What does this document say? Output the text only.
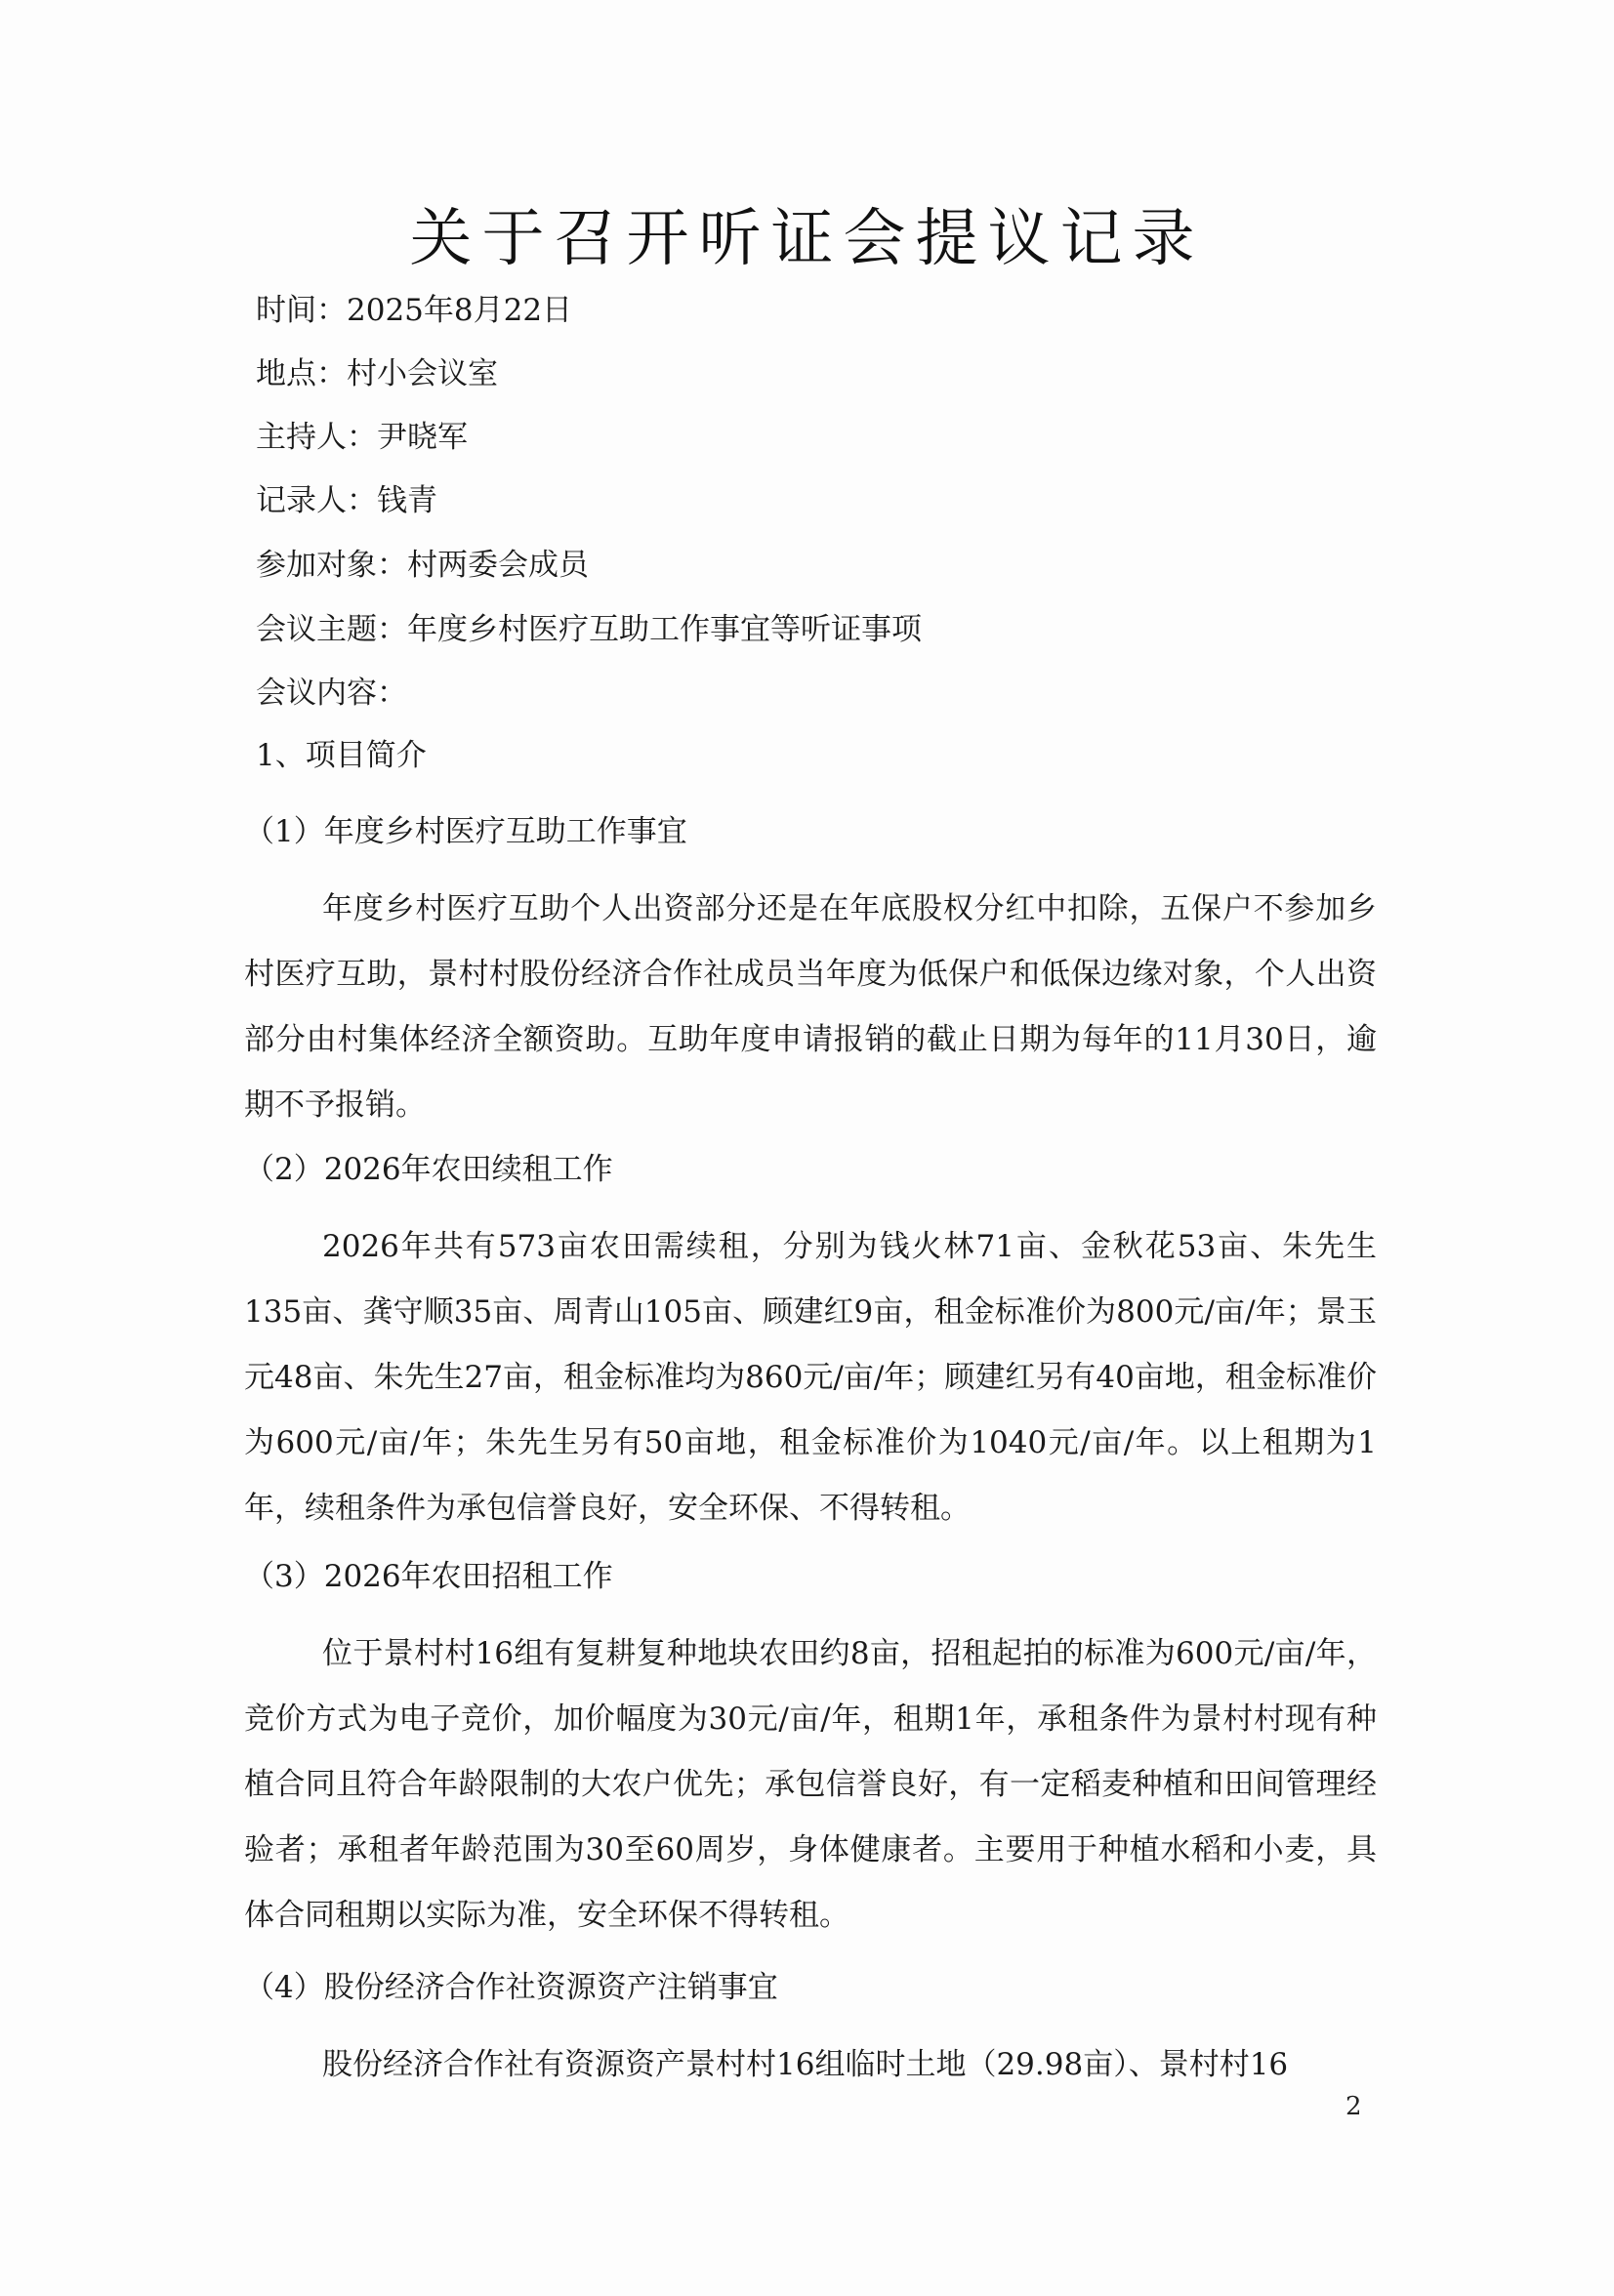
关于召开听证会提议记录
时间：2025年8月22日
地点：村小会议室
主持人：尹晓军
记录人：钱青
参加对象：村两委会成员
会议主题：年度乡村医疗互助工作事宜等听证事项
会议内容：
1、项目简介
（1）年度乡村医疗互助工作事宜
年度乡村医疗互助个人出资部分还是在年底股权分红中扣除，五保户不参加乡村医疗互助，景村村股份经济合作社成员当年度为低保户和低保边缘对象，个人出资部分由村集体经济全额资助。互助年度申请报销的截止日期为每年的11月30日，逾期不予报销。
（2）2026年农田续租工作
2026年共有573亩农田需续租，分别为钱火林71亩、金秋花53亩、朱先生135亩、龚守顺35亩、周青山105亩、顾建红9亩，租金标准价为800元/亩/年；景玉元48亩、朱先生27亩，租金标准均为860元/亩/年；顾建红另有40亩地，租金标准价为600元/亩/年；朱先生另有50亩地，租金标准价为1040元/亩/年。以上租期为1年，续租条件为承包信誉良好，安全环保、不得转租。
（3）2026年农田招租工作
位于景村村16组有复耕复种地块农田约8亩，招租起拍的标准为600元/亩/年，竞价方式为电子竞价，加价幅度为30元/亩/年，租期1年，承租条件为景村村现有种植合同且符合年龄限制的大农户优先；承包信誉良好，有一定稻麦种植和田间管理经验者；承租者年龄范围为30至60周岁，身体健康者。主要用于种植水稻和小麦，具体合同租期以实际为准，安全环保不得转租。
（4）股份经济合作社资源资产注销事宜
股份经济合作社有资源资产景村村16组临时土地（29.98亩）、景村村16
2
